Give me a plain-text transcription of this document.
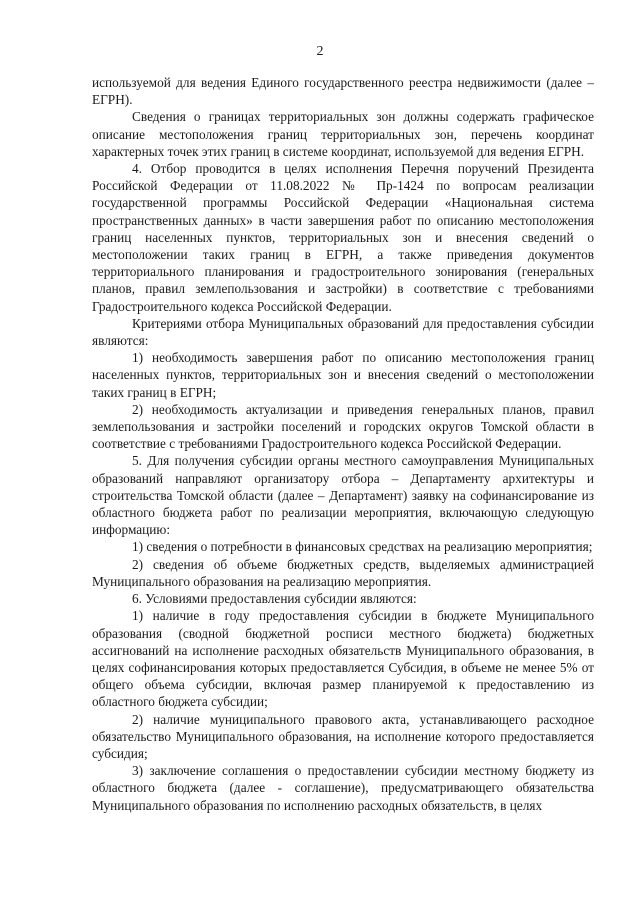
2

используемой для ведения Единого государственного реестра недвижимости (далее – ЕГРН).

Сведения о границах территориальных зон должны содержать графическое описание местоположения границ территориальных зон, перечень координат характерных точек этих границ в системе координат, используемой для ведения ЕГРН.

4. Отбор проводится в целях исполнения Перечня поручений Президента Российской Федерации от 11.08.2022 № Пр-1424 по вопросам реализации государственной программы Российской Федерации «Национальная система пространственных данных» в части завершения работ по описанию местоположения границ населенных пунктов, территориальных зон и внесения сведений о местоположении таких границ в ЕГРН, а также приведения документов территориального планирования и градостроительного зонирования (генеральных планов, правил землепользования и застройки) в соответствие с требованиями Градостроительного кодекса Российской Федерации.

Критериями отбора Муниципальных образований для предоставления субсидии являются:

1) необходимость завершения работ по описанию местоположения границ населенных пунктов, территориальных зон и внесения сведений о местоположении таких границ в ЕГРН;

2) необходимость актуализации и приведения генеральных планов, правил землепользования и застройки поселений и городских округов Томской области в соответствие с требованиями Градостроительного кодекса Российской Федерации.

5. Для получения субсидии органы местного самоуправления Муниципальных образований направляют организатору отбора – Департаменту архитектуры и строительства Томской области (далее – Департамент) заявку на софинансирование из областного бюджета работ по реализации мероприятия, включающую следующую информацию:

1) сведения о потребности в финансовых средствах на реализацию мероприятия;

2) сведения об объеме бюджетных средств, выделяемых администрацией Муниципального образования на реализацию мероприятия.

6. Условиями предоставления субсидии являются:

1) наличие в году предоставления субсидии в бюджете Муниципального образования (сводной бюджетной росписи местного бюджета) бюджетных ассигнований на исполнение расходных обязательств Муниципального образования, в целях софинансирования которых предоставляется Субсидия, в объеме не менее 5% от общего объема субсидии, включая размер планируемой к предоставлению из областного бюджета субсидии;

2) наличие муниципального правового акта, устанавливающего расходное обязательство Муниципального образования, на исполнение которого предоставляется субсидия;

3) заключение соглашения о предоставлении субсидии местному бюджету из областного бюджета (далее - соглашение), предусматривающего обязательства Муниципального образования по исполнению расходных обязательств, в целях
